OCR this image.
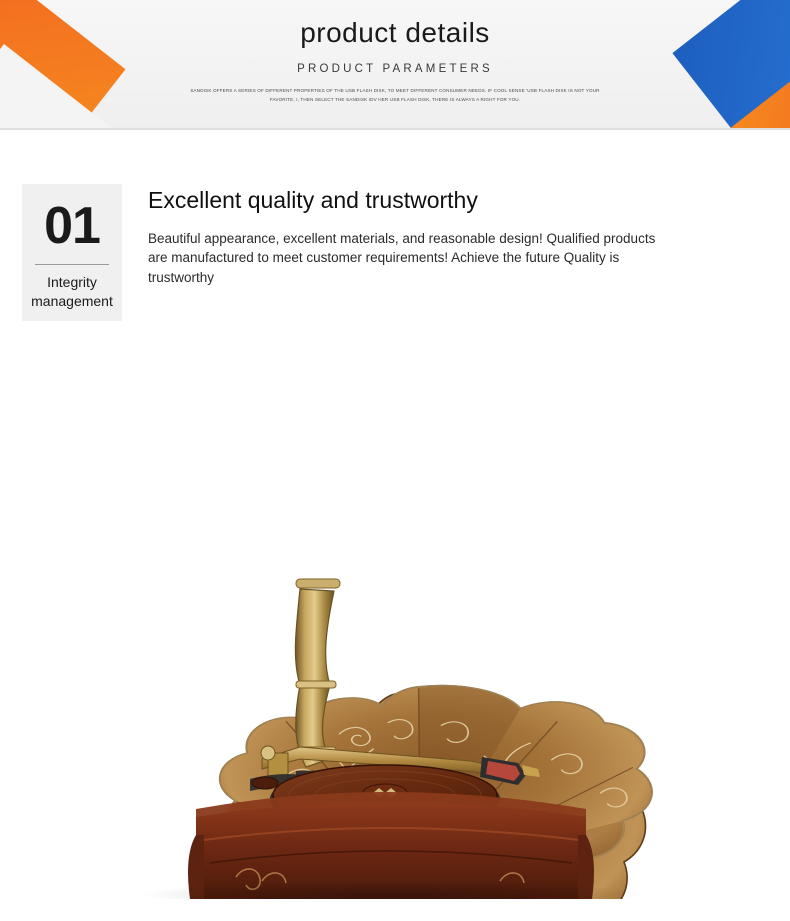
product details
PRODUCT PARAMETERS
SANDISK OFFERS A SERIES OF DIFFERENT PROPERTIES OF THE USB FLASH DISK, TO MEET DIFFERENT CONSUMER NEEDS. IF COOL SENSE 'USB FLASH DISK IS NOT YOUR FAVORITE, I, THEN SELECT THE SANDISK IDV HER USB FLASH DISK, THERE IS ALWAYS A RIGHT FOR YOU.
01
Integrity management
Excellent quality and trustworthy

Beautiful appearance, excellent materials, and reasonable design! Qualified products are manufactured to meet customer requirements! Achieve the future Quality is trustworthy
